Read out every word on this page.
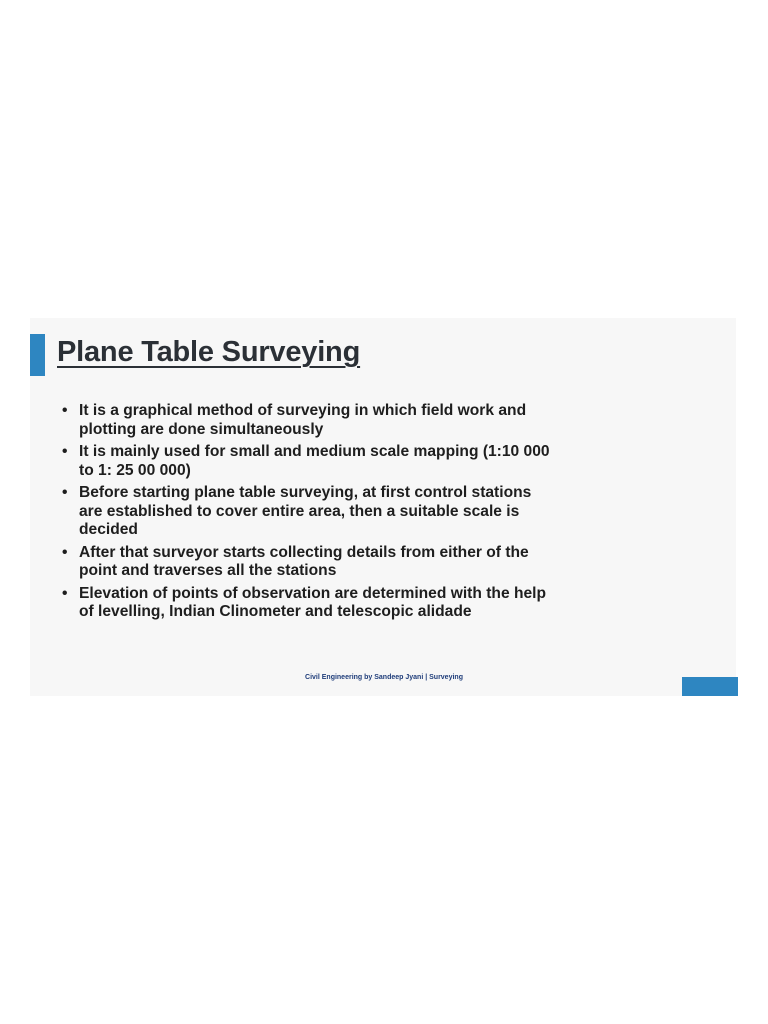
Plane Table Surveying
• It is a graphical method of surveying in which field work and
plotting are done simultaneously
• It is mainly used for small and medium scale mapping (1:10 000
to 1: 25 00 000)
• Before starting plane table surveying, at first control stations
are established to cover entire area, then a suitable scale is
decided
• After that surveyor starts collecting details from either of the
point and traverses all the stations
• Elevation of points of observation are determined with the help
of levelling, Indian Clinometer and telescopic alidade
Civil Engineering by Sandeep Jyani | Surveying
